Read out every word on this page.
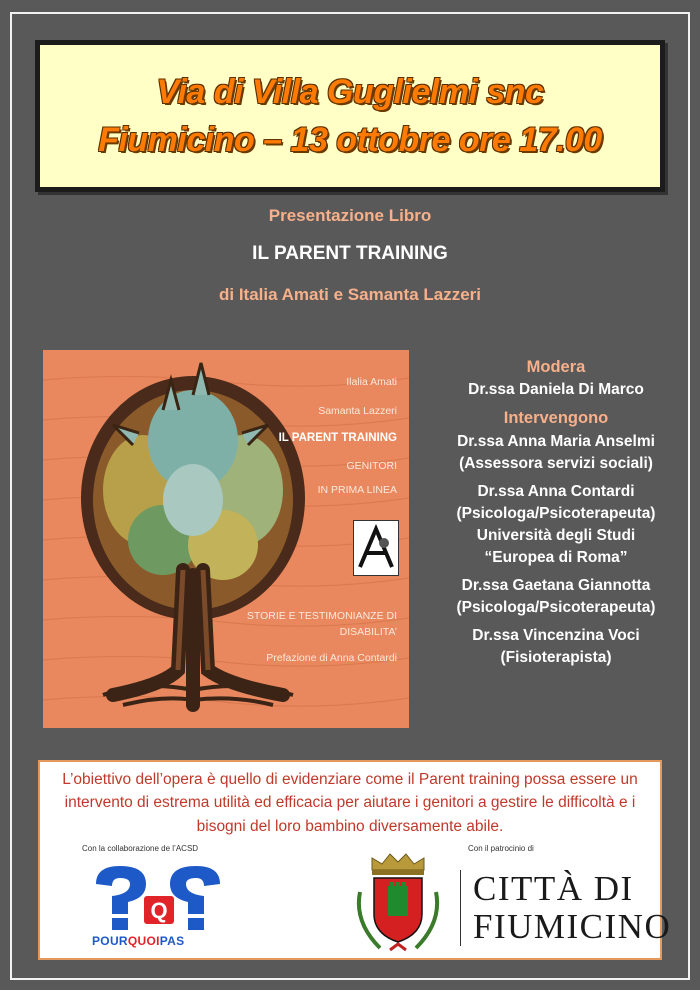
Via di Villa Guglielmi snc
Fiumicino – 13 ottobre ore 17.00
Presentazione Libro
IL PARENT TRAINING
di Italia Amati e Samanta Lazzeri
Ilalia Amati
Samanta Lazzeri
IL PARENT TRAINING
GENITORI
IN PRIMA LINEA
STORIE E TESTIMONIANZE DI
DISABILITA’
Prefazione di Anna Contardi
Modera
Dr.ssa Daniela Di Marco
Intervengono
Dr.ssa Anna Maria Anselmi
(Assessora servizi sociali)
Dr.ssa Anna Contardi
(Psicologa/Psicoterapeuta)
Università degli Studi
“Europea di Roma”
Dr.ssa Gaetana Giannotta
(Psicologa/Psicoterapeuta)
Dr.ssa Vincenzina Voci
(Fisioterapista)
L’obiettivo dell’opera è quello di evidenziare come il Parent training possa essere un intervento di estrema utilità ed efficacia per aiutare i genitori a gestire le difficoltà e i bisogni del loro bambino diversamente abile.
Con la collaborazione de l’ACSD	Con il patrocinio di
Q
POURQUOIPAS
CITTÀ DI
FIUMICINO
